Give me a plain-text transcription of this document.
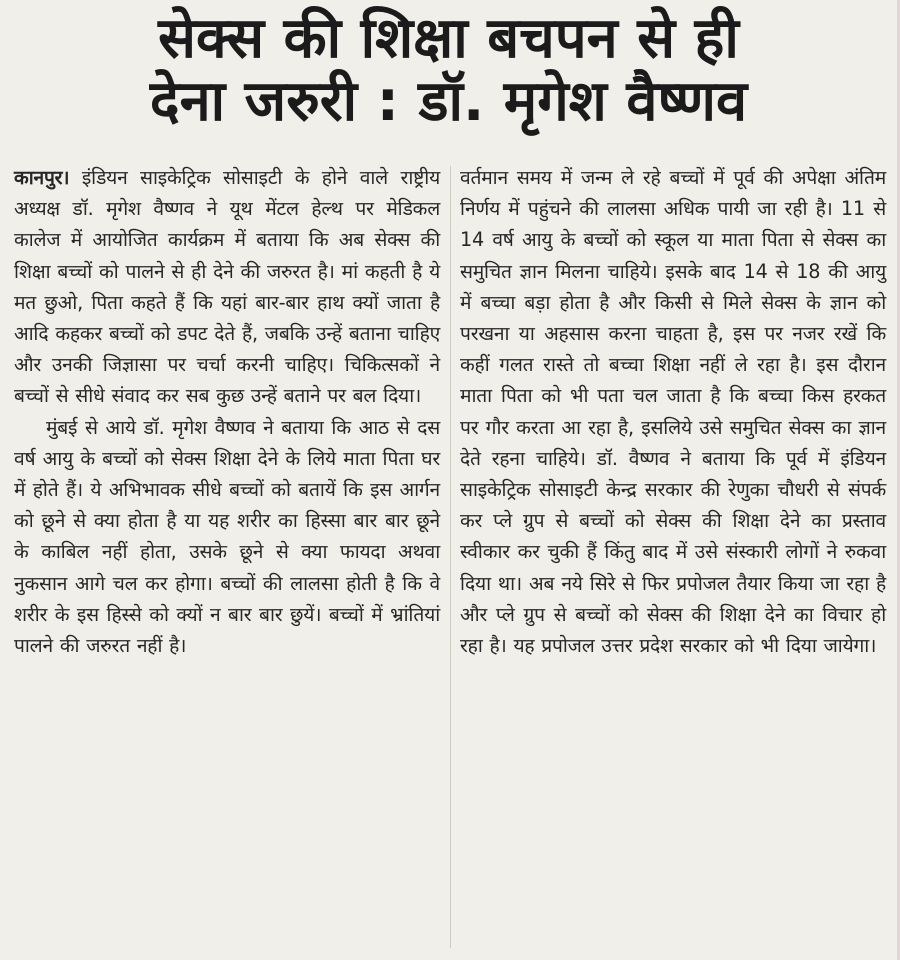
सेक्स की शिक्षा बचपन से ही
देना जरुरी : डॉ. मृगेश वैष्णव

कानपुर। इंडियन साइकेट्रिक सोसाइटी के होने वाले राष्ट्रीय अध्यक्ष डॉ. मृगेश वैष्णव ने यूथ मेंटल हेल्थ पर मेडिकल कालेज में आयोजित कार्यक्रम में बताया कि अब सेक्स की शिक्षा बच्चों को पालने से ही देने की जरुरत है। मां कहती है ये मत छुओ, पिता कहते हैं कि यहां बार-बार हाथ क्यों जाता है आदि कहकर बच्चों को डपट देते हैं, जबकि उन्हें बताना चाहिए और उनकी जिज्ञासा पर चर्चा करनी चाहिए। चिकित्सकों ने बच्चों से सीधे संवाद कर सब कुछ उन्हें बताने पर बल दिया।

मुंबई से आये डॉ. मृगेश वैष्णव ने बताया कि आठ से दस वर्ष आयु के बच्चों को सेक्स शिक्षा देने के लिये माता पिता घर में होते हैं। ये अभिभावक सीधे बच्चों को बतायें कि इस आर्गन को छूने से क्या होता है या यह शरीर का हिस्सा बार बार छूने के काबिल नहीं होता, उसके छूने से क्या फायदा अथवा नुकसान आगे चल कर होगा। बच्चों की लालसा होती है कि वे शरीर के इस हिस्से को क्यों न बार बार छुयें। बच्चों में भ्रांतियां पालने की जरुरत नहीं है।

वर्तमान समय में जन्म ले रहे बच्चों में पूर्व की अपेक्षा अंतिम निर्णय में पहुंचने की लालसा अधिक पायी जा रही है। 11 से 14 वर्ष आयु के बच्चों को स्कूल या माता पिता से सेक्स का समुचित ज्ञान मिलना चाहिये। इसके बाद 14 से 18 की आयु में बच्चा बड़ा होता है और किसी से मिले सेक्स के ज्ञान को परखना या अहसास करना चाहता है, इस पर नजर रखें कि कहीं गलत रास्ते तो बच्चा शिक्षा नहीं ले रहा है। इस दौरान माता पिता को भी पता चल जाता है कि बच्चा किस हरकत पर गौर करता आ रहा है, इसलिये उसे समुचित सेक्स का ज्ञान देते रहना चाहिये। डॉ. वैष्णव ने बताया कि पूर्व में इंडियन साइकेट्रिक सोसाइटी केन्द्र सरकार की रेणुका चौधरी से संपर्क कर प्ले ग्रुप से बच्चों को सेक्स की शिक्षा देने का प्रस्ताव स्वीकार कर चुकी हैं किंतु बाद में उसे संस्कारी लोगों ने रुकवा दिया था। अब नये सिरे से फिर प्रपोजल तैयार किया जा रहा है और प्ले ग्रुप से बच्चों को सेक्स की शिक्षा देने का विचार हो रहा है। यह प्रपोजल उत्तर प्रदेश सरकार को भी दिया जायेगा।
